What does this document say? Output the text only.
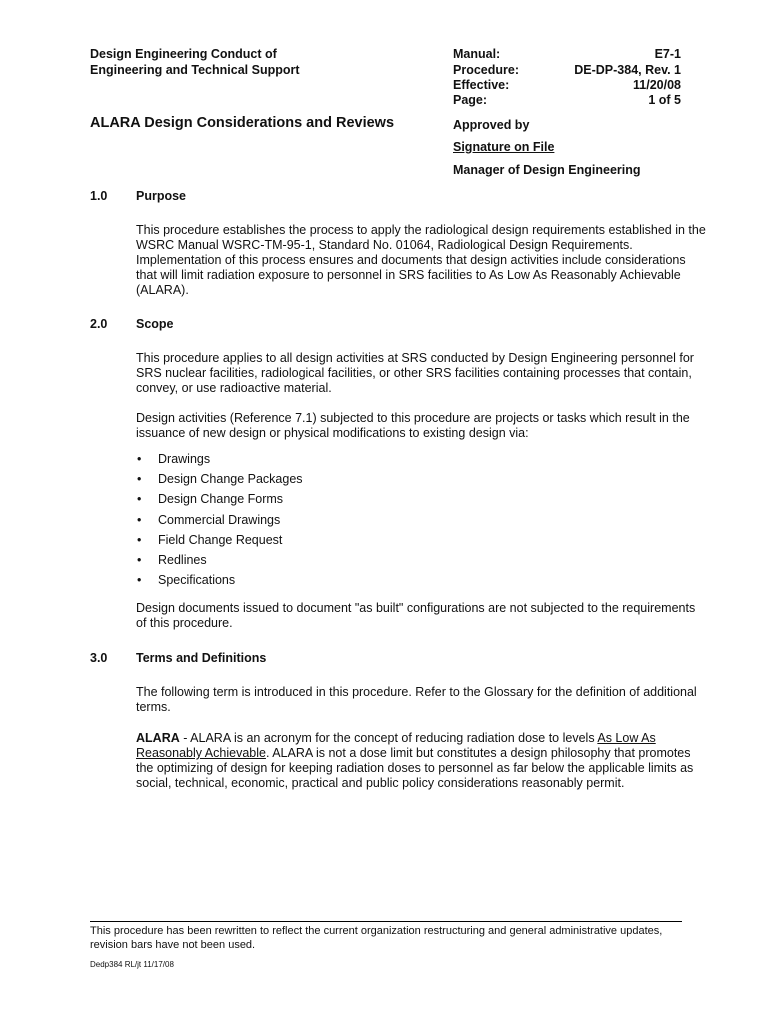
Design Engineering Conduct of
Engineering and Technical Support
Manual:	E7-1
Procedure:	DE-DP-384, Rev. 1
Effective:	11/20/08
Page:	1 of 5
ALARA Design Considerations and Reviews	Approved by
Signature on File
Manager of Design Engineering
1.0 Purpose
This procedure establishes the process to apply the radiological design requirements established in the WSRC Manual WSRC-TM-95-1, Standard No. 01064, Radiological Design Requirements. Implementation of this process ensures and documents that design activities include considerations that will limit radiation exposure to personnel in SRS facilities to As Low As Reasonably Achievable (ALARA).
2.0 Scope
This procedure applies to all design activities at SRS conducted by Design Engineering personnel for SRS nuclear facilities, radiological facilities, or other SRS facilities containing processes that contain, convey, or use radioactive material.
Design activities (Reference 7.1) subjected to this procedure are projects or tasks which result in the issuance of new design or physical modifications to existing design via:
• Drawings
• Design Change Packages
• Design Change Forms
• Commercial Drawings
• Field Change Request
• Redlines
• Specifications
Design documents issued to document "as built" configurations are not subjected to the requirements of this procedure.
3.0 Terms and Definitions
The following term is introduced in this procedure. Refer to the Glossary for the definition of additional terms.
ALARA - ALARA is an acronym for the concept of reducing radiation dose to levels As Low As Reasonably Achievable. ALARA is not a dose limit but constitutes a design philosophy that promotes the optimizing of design for keeping radiation doses to personnel as far below the applicable limits as social, technical, economic, practical and public policy considerations reasonably permit.
This procedure has been rewritten to reflect the current organization restructuring and general administrative updates, revision bars have not been used.
Dedp384 RL/jt 11/17/08
